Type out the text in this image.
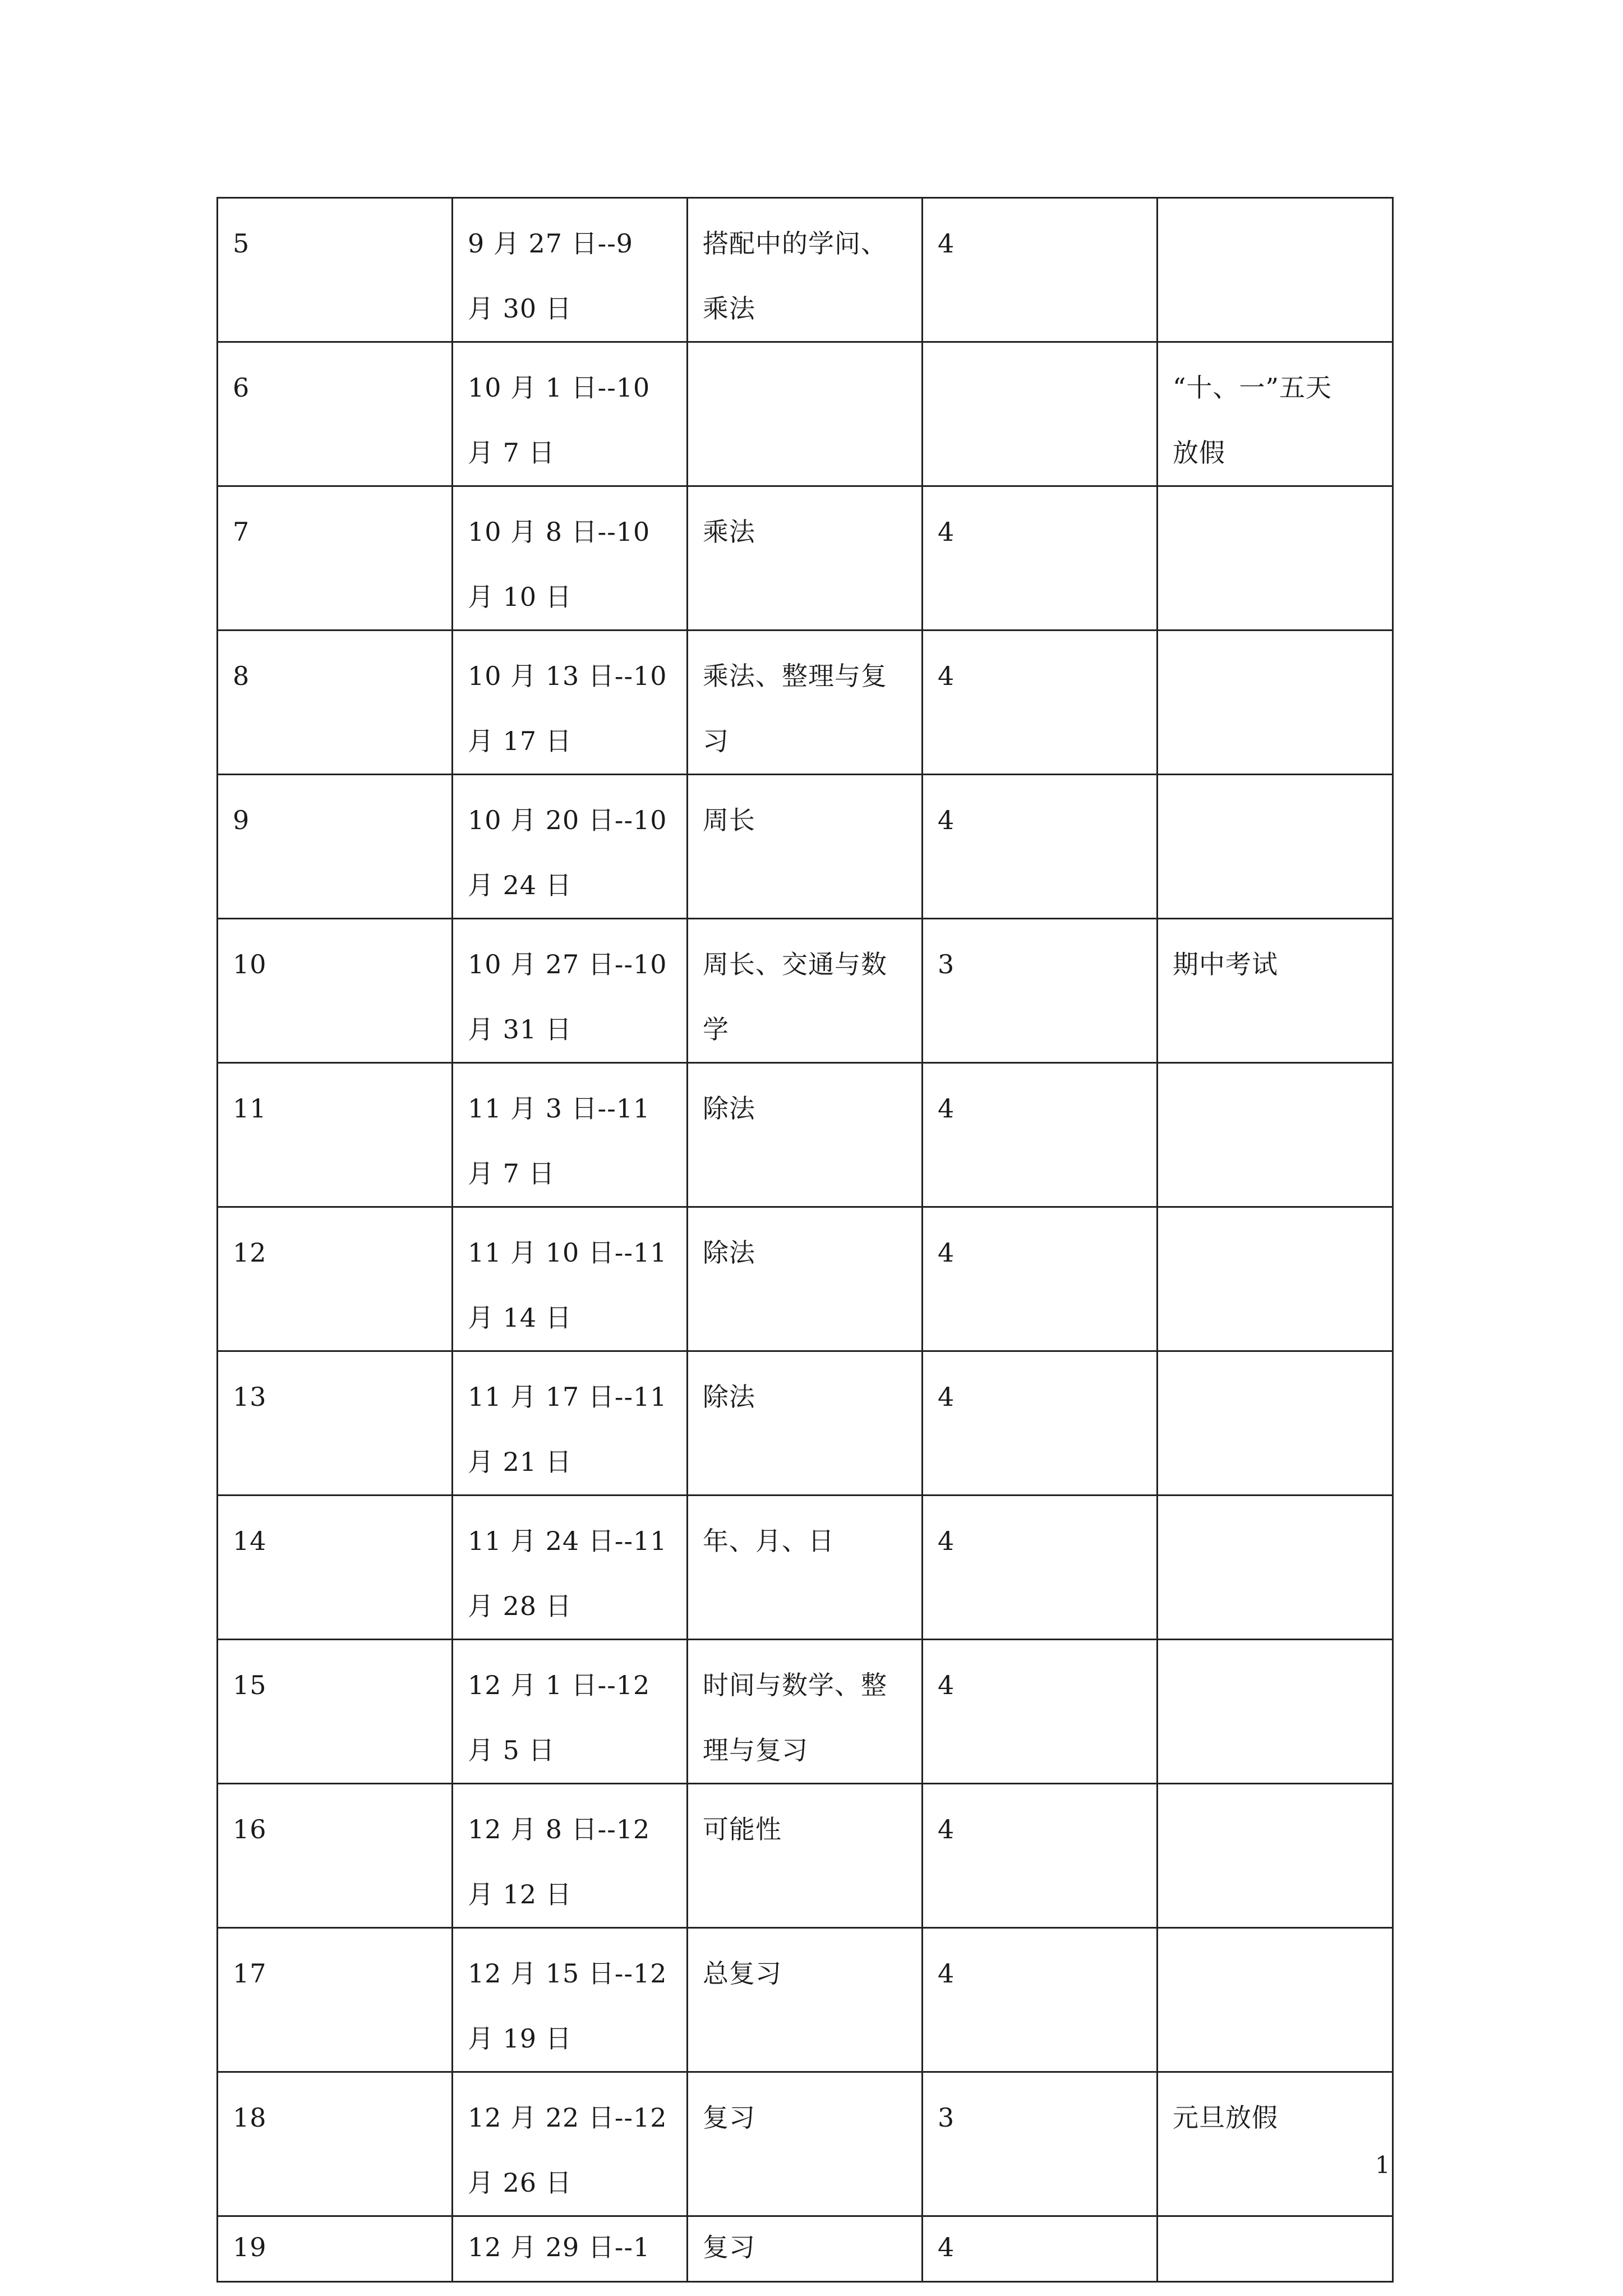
5	9 月 27 日--9
月 30 日	搭配中的学问、
乘法	4	

6	10 月 1 日--10
月 7 日			“十、一”五天
放假

7	10 月 8 日--10
月 10 日	乘法	4	

8	10 月 13 日--10
月 17 日	乘法、整理与复
习	4	

9	10 月 20 日--10
月 24 日	周长	4	

10	10 月 27 日--10
月 31 日	周长、交通与数
学	3	期中考试

11	11 月 3 日--11
月 7 日	除法	4	

12	11 月 10 日--11
月 14 日	除法	4	

13	11 月 17 日--11
月 21 日	除法	4	

14	11 月 24 日--11
月 28 日	年、月、日	4	

15	12 月 1 日--12
月 5 日	时间与数学、整
理与复习	4	

16	12 月 8 日--12
月 12 日	可能性	4	

17	12 月 15 日--12
月 19 日	总复习	4	

18	12 月 22 日--12
月 26 日	复习	3	元旦放假

19	12 月 29 日--1	复习	4	

1
